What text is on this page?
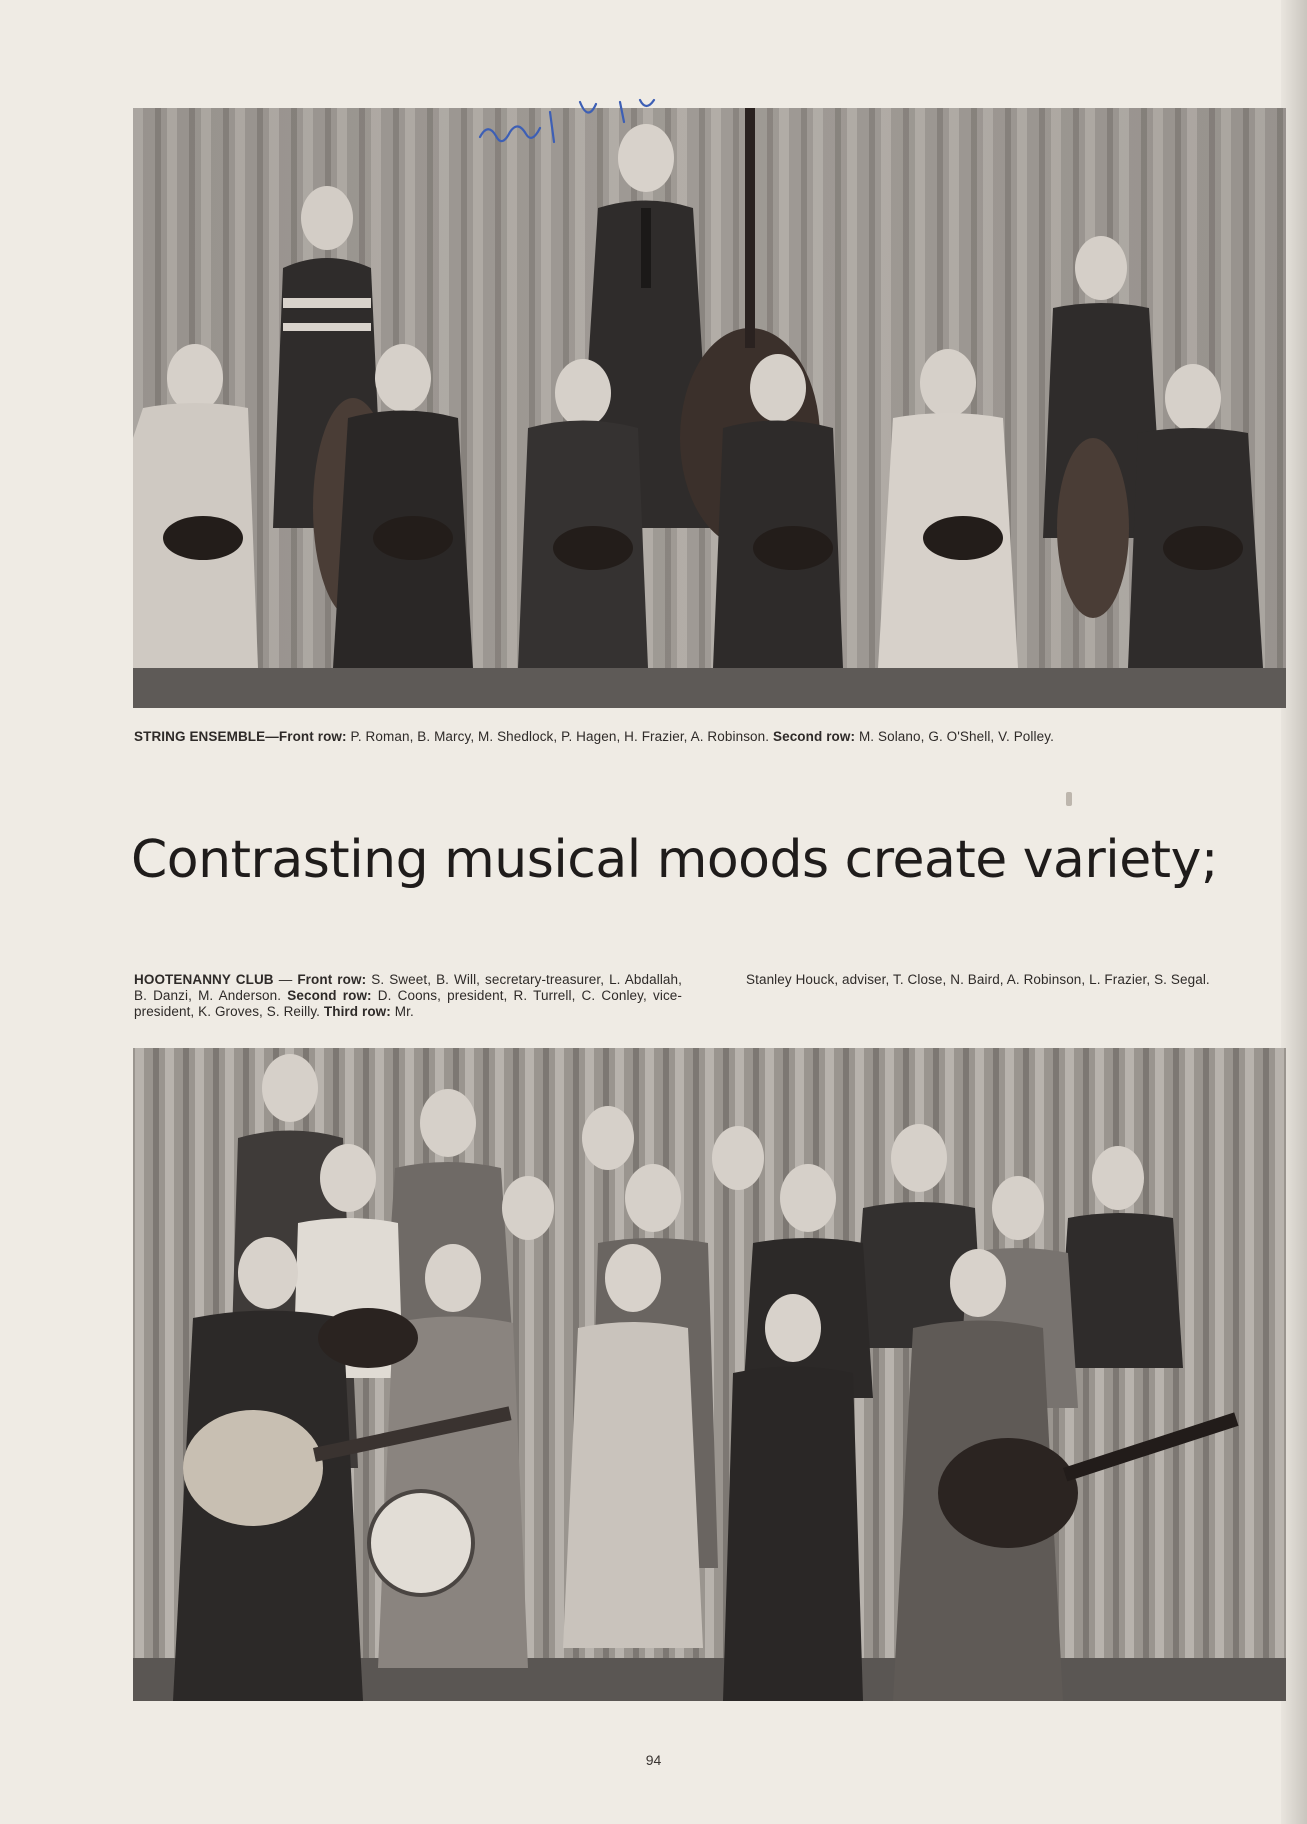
STRING ENSEMBLE—Front row: P. Roman, B. Marcy, M. Shedlock, P. Hagen, H. Frazier, A. Robinson. Second row: M. Solano, G. O'Shell, V. Polley.
Contrasting musical moods create variety;
HOOTENANNY CLUB — Front row: S. Sweet, B. Will, secretary-treasurer, L. Abdallah, B. Danzi, M. Anderson. Second row: D. Coons, president, R. Turrell, C. Conley, vice-president, K. Groves, S. Reilly. Third row: Mr.
Stanley Houck, adviser, T. Close, N. Baird, A. Robinson, L. Frazier, S. Segal.
94
